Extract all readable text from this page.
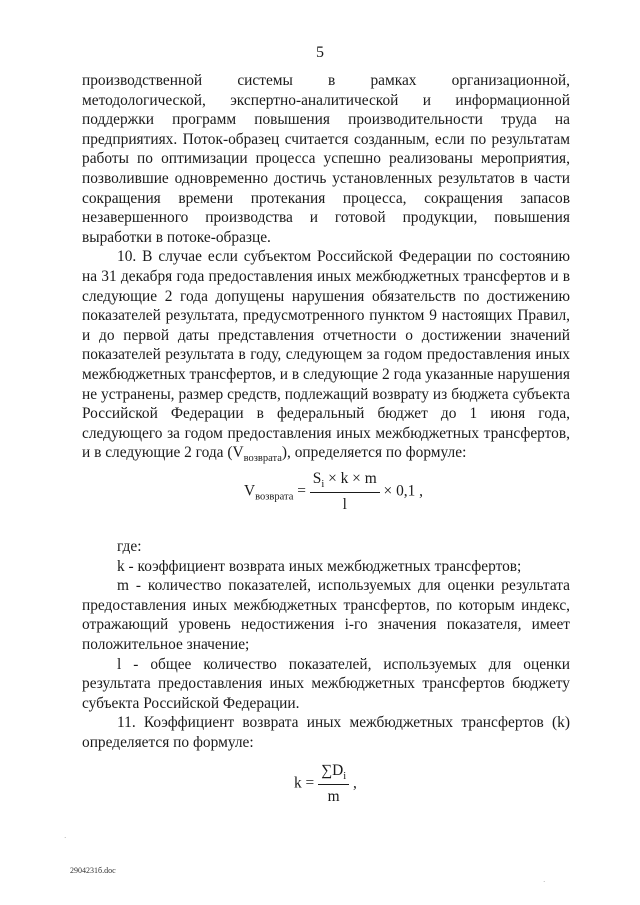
5

производственной системы в рамках организационной, методологической, экспертно-аналитической и информационной поддержки программ повышения производительности труда на предприятиях. Поток-образец считается созданным, если по результатам работы по оптимизации процесса успешно реализованы мероприятия, позволившие одновременно достичь установленных результатов в части сокращения времени протекания процесса, сокращения запасов незавершенного производства и готовой продукции, повышения выработки в потоке-образце.

10. В случае если субъектом Российской Федерации по состоянию на 31 декабря года предоставления иных межбюджетных трансфертов и в следующие 2 года допущены нарушения обязательств по достижению показателей результата, предусмотренного пунктом 9 настоящих Правил, и до первой даты представления отчетности о достижении значений показателей результата в году, следующем за годом предоставления иных межбюджетных трансфертов, и в следующие 2 года указанные нарушения не устранены, размер средств, подлежащий возврату из бюджета субъекта Российской Федерации в федеральный бюджет до 1 июня года, следующего за годом предоставления иных межбюджетных трансфертов, и в следующие 2 года $(V_{возврата})$, определяется по формуле:

$V_{возврата} = \frac{S_i \times k \times m}{l} \times 0,1$ ,

где:

k - коэффициент возврата иных межбюджетных трансфертов;

m - количество показателей, используемых для оценки результата предоставления иных межбюджетных трансфертов, по которым индекс, отражающий уровень недостижения i-го значения показателя, имеет положительное значение;

l - общее количество показателей, используемых для оценки результата предоставления иных межбюджетных трансфертов бюджету субъекта Российской Федерации.

11. Коэффициент возврата иных межбюджетных трансфертов (k) определяется по формуле:

$k = \frac{\sum D_i}{m}$ ,
·
2904231б.doc
·
